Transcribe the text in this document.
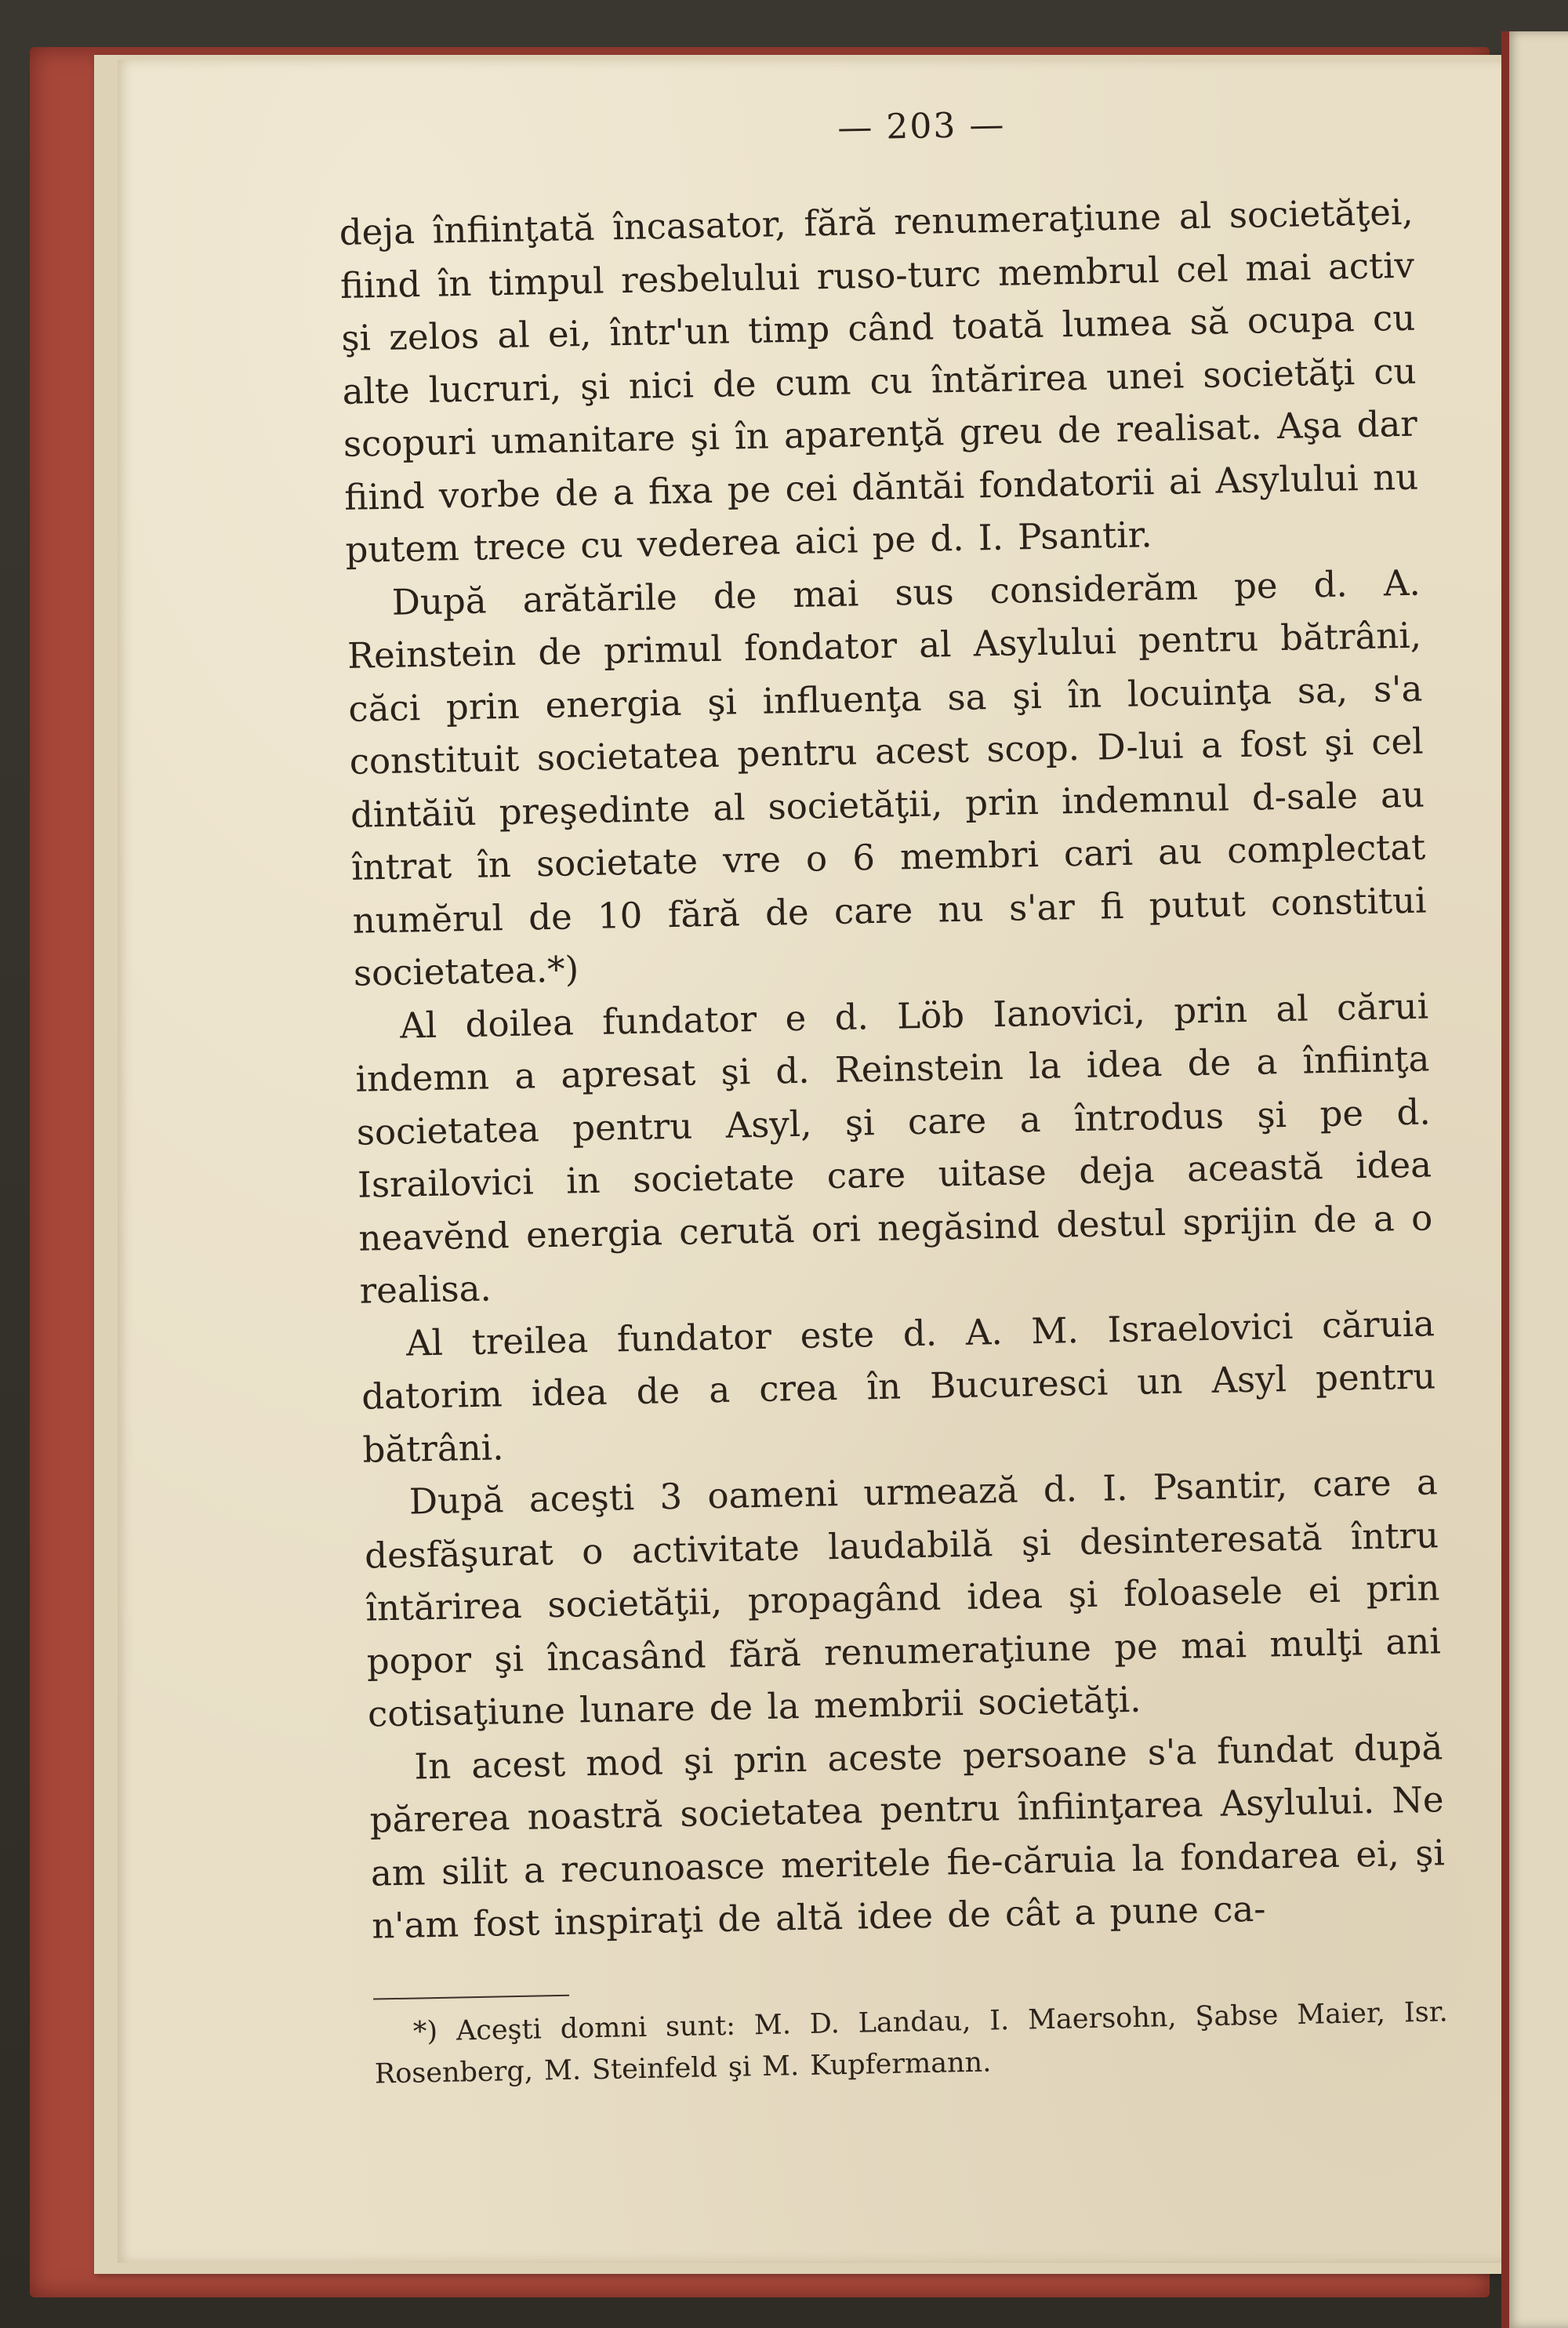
— 203 —

deja înfiinţată încasator, fără renumeraţiune al societăţei, fiind în timpul resbelului ruso-turc membrul cel mai activ şi zelos al ei, într'un timp când toată lumea să ocupa cu alte lucruri, şi nici de cum cu întărirea unei societăţi cu scopuri umanitare şi în aparenţă greu de realisat. Aşa dar fiind vorbe de a fixa pe cei dăntăi fondatorii ai Asylului nu putem trece cu vederea aici pe d. I. Psantir.

După arătările de mai sus considerăm pe d. A. Reinstein de primul fondator al Asylului pentru bătrâni, căci prin energia şi influenţa sa şi în locuinţa sa, s'a constituit societatea pentru acest scop. D-lui a fost şi cel dintăiŭ preşedinte al societăţii, prin indemnul d-sale au întrat în societate vre o 6 membri cari au complectat numĕrul de 10 fără de care nu s'ar fi putut constitui societatea.*)

Al doilea fundator e d. Löb Ianovici, prin al cărui indemn a apresat şi d. Reinstein la idea de a înfiinţa societatea pentru Asyl, şi care a întrodus şi pe d. Israilovici in societate care uitase deja această idea neavĕnd energia cerută ori negăsind destul sprijin de a o realisa.

Al treilea fundator este d. A. M. Israelovici căruia datorim idea de a crea în Bucuresci un Asyl pentru bătrâni.

După aceşti 3 oameni urmează d. I. Psantir, care a desfăşurat o activitate laudabilă şi desinteresată întru întărirea societăţii, propagând idea şi foloasele ei prin popor şi încasând fără renumeraţiune pe mai mulţi ani cotisaţiune lunare de la membrii societăţi.

In acest mod şi prin aceste persoane s'a fundat după părerea noastră societatea pentru înfiinţarea Asylului. Ne am silit a recunoasce meritele fie-căruia la fondarea ei, şi n'am fost inspiraţi de altă idee de cât a pune ca-

*) Aceşti domni sunt: M. D. Landau, I. Maersohn, Şabse Maier, Isr. Rosenberg, M. Steinfeld şi M. Kupfermann.
